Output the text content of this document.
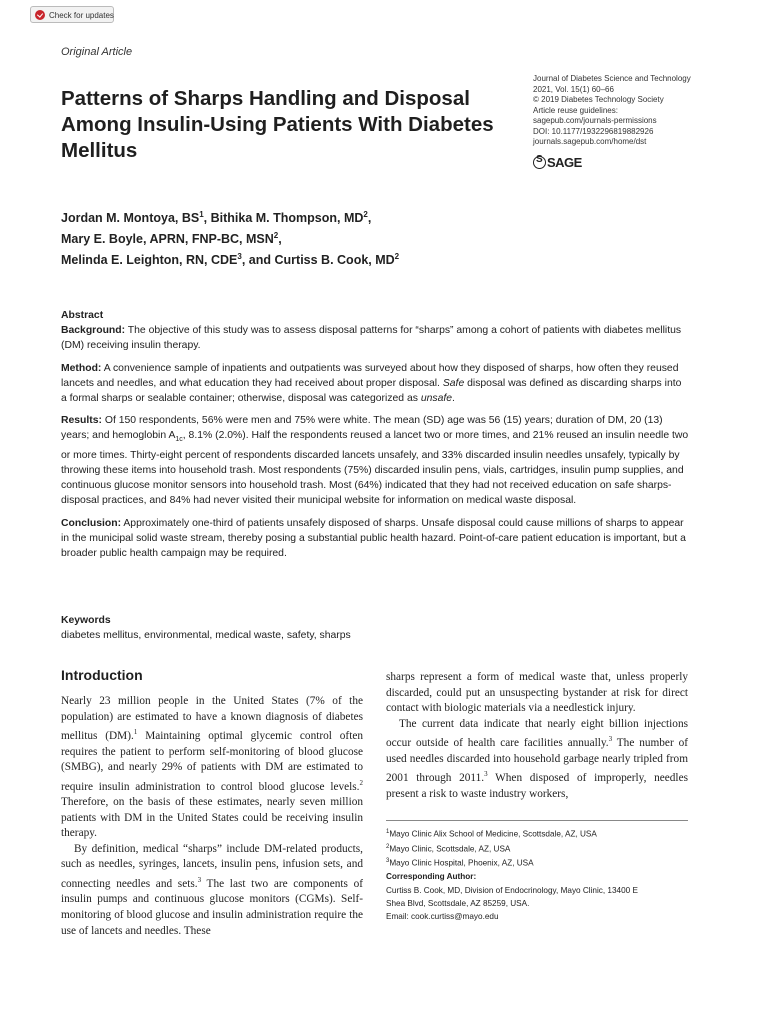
Check for updates
Original Article
Patterns of Sharps Handling and Disposal Among Insulin-Using Patients With Diabetes Mellitus
Journal of Diabetes Science and Technology
2021, Vol. 15(1) 60–66
© 2019 Diabetes Technology Society
Article reuse guidelines:
sagepub.com/journals-permissions
DOI: 10.1177/1932296819882926
journals.sagepub.com/home/dst
S
SAGE
Jordan M. Montoya, $BS^1$, Bithika M. Thompson, $MD^2$,
Mary E. Boyle, APRN, FNP-BC, MSN$^2$,
Melinda E. Leighton, RN, CDE$^3$, and Curtiss B. Cook, $MD^2$
Abstract

Background: The objective of this study was to assess disposal patterns for “sharps” among a cohort of patients with diabetes mellitus (DM) receiving insulin therapy.

Method: A convenience sample of inpatients and outpatients was surveyed about how they disposed of sharps, how often they reused lancets and needles, and what education they had received about proper disposal. Safe disposal was defined as discarding sharps into a formal sharps or sealable container; otherwise, disposal was categorized as unsafe.

Results: Of 150 respondents, 56% were men and 75% were white. The mean (SD) age was 56 (15) years; duration of DM, 20 (13) years; and hemoglobin $A_{1c}$, 8.1% (2.0%). Half the respondents reused a lancet two or more times, and 21% reused an insulin needle two or more times. Thirty-eight percent of respondents discarded lancets unsafely, and 33% discarded insulin needles unsafely, typically by throwing these items into household trash. Most respondents (75%) discarded insulin pens, vials, cartridges, insulin pump supplies, and continuous glucose monitor sensors into household trash. Most (64%) indicated that they had not received education on safe sharps-disposal practices, and 84% had never visited their municipal website for information on medical waste disposal.

Conclusion: Approximately one-third of patients unsafely disposed of sharps. Unsafe disposal could cause millions of sharps to appear in the municipal solid waste stream, thereby posing a substantial public health hazard. Point-of-care patient education is important, but a broader public health campaign may be required.

Keywords
diabetes mellitus, environmental, medical waste, safety, sharps
Introduction

Nearly 23 million people in the United States (7% of the population) are estimated to have a known diagnosis of diabetes mellitus (DM).$^1$ Maintaining optimal glycemic control often requires the patient to perform self-monitoring of blood glucose (SMBG), and nearly 29% of patients with DM are estimated to require insulin administration to control blood glucose levels.$^2$ Therefore, on the basis of these estimates, nearly seven million patients with DM in the United States could be receiving insulin therapy.

By definition, medical “sharps” include DM-related products, such as needles, syringes, lancets, insulin pens, infusion sets, and connecting needles and sets.$^3$ The last two are components of insulin pumps and continuous glucose monitors (CGMs). Self-monitoring of blood glucose and insulin administration require the use of lancets and needles. These

sharps represent a form of medical waste that, unless properly discarded, could put an unsuspecting bystander at risk for direct contact with biologic materials via a needlestick injury.

The current data indicate that nearly eight billion injections occur outside of health care facilities annually.$^3$ The number of used needles discarded into household garbage nearly tripled from 2001 through 2011.$^3$ When disposed of improperly, needles present a risk to waste industry workers,

$^1$Mayo Clinic Alix School of Medicine, Scottsdale, AZ, USA
$^2$Mayo Clinic, Scottsdale, AZ, USA
$^3$Mayo Clinic Hospital, Phoenix, AZ, USA
Corresponding Author:
Curtiss B. Cook, MD, Division of Endocrinology, Mayo Clinic, 13400 E
Shea Blvd, Scottsdale, AZ 85259, USA.
Email: cook.curtiss@mayo.edu
